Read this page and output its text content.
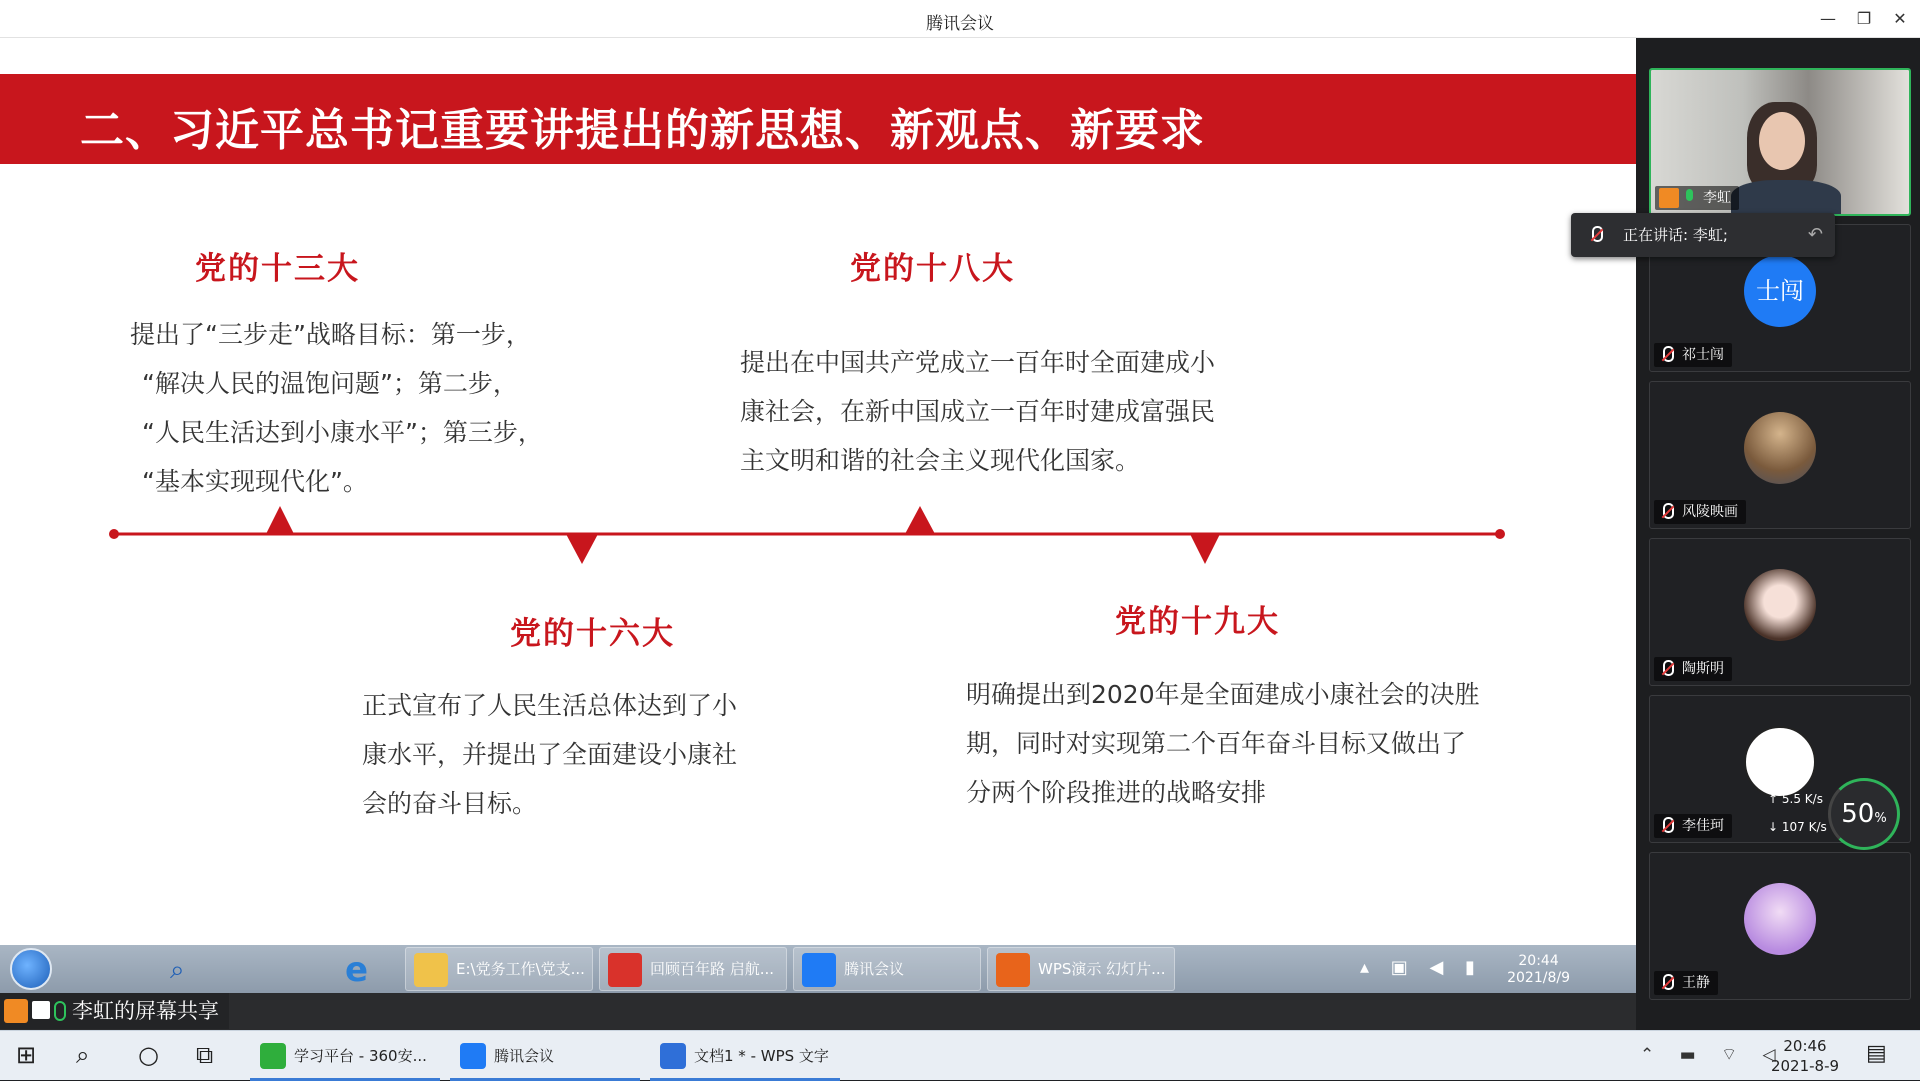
腾讯会议	—	❐	✕
二、习近平总书记重要讲提出的新思想、新观点、新要求
党的十三大
提出了“三步走”战略目标：第一步，
“解决人民的温饱问题”；第二步，
“人民生活达到小康水平”；第三步，
“基本实现现代化”。
党的十八大
提出在中国共产党成立一百年时全面建成小
康社会，在新中国成立一百年时建成富强民
主文明和谐的社会主义现代化国家。
党的十六大
正式宣布了人民生活总体达到了小
康水平，并提出了全面建设小康社
会的奋斗目标。
党的十九大
明确提出到2020年是全面建成小康社会的决胜
期，同时对实现第二个百年奋斗目标又做出了
分两个阶段推进的战略安排
⌕	e	E:\党务工作\党支...	回顾百年路 启航...	腾讯会议	WPS演示 幻灯片...	▴ ▣ ◀ ▮	20:44
2021/8/9
李虹的屏幕共享
李虹
士闯
祁士闯
风陵映画
陶斯明
李佳珂
王静
正在讲话: 李虹;	↶
↑ 5.5 K/s
↓ 107 K/s 50%
⊞ ⌕ ○ ⧉	学习平台 - 360安...	腾讯会议	文档1 * - WPS 文字	⌃ ▬ ⌔ ◁
20:46
2021-8-9	▤
